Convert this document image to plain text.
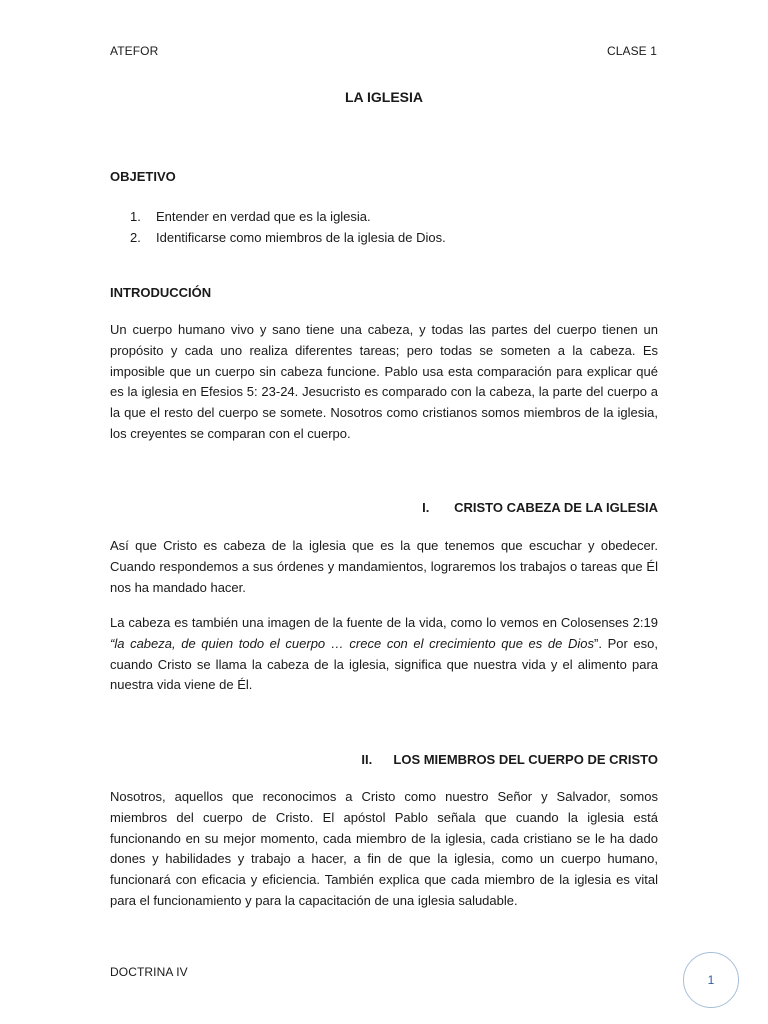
ATEFOR	CLASE 1
LA IGLESIA
OBJETIVO
1.	Entender en verdad que es la iglesia.
2.	Identificarse como miembros de la iglesia de Dios.
INTRODUCCIÓN

Un cuerpo humano vivo y sano tiene una cabeza, y todas las partes del cuerpo tienen un propósito y cada uno realiza diferentes tareas; pero todas se someten a la cabeza. Es imposible que un cuerpo sin cabeza funcione. Pablo usa esta comparación para explicar qué es la iglesia en Efesios 5: 23-24. Jesucristo es comparado con la cabeza, la parte del cuerpo a la que el resto del cuerpo se somete. Nosotros como cristianos somos miembros de la iglesia, los creyentes se comparan con el cuerpo.

I. CRISTO CABEZA DE LA IGLESIA

Así que Cristo es cabeza de la iglesia que es la que tenemos que escuchar y obedecer. Cuando respondemos a sus órdenes y mandamientos, lograremos los trabajos o tareas que Él nos ha mandado hacer.

La cabeza es también una imagen de la fuente de la vida, como lo vemos en Colosenses 2:19 “la cabeza, de quien todo el cuerpo … crece con el crecimiento que es de Dios”. Por eso, cuando Cristo se llama la cabeza de la iglesia, significa que nuestra vida y el alimento para nuestra vida viene de Él.

II. LOS MIEMBROS DEL CUERPO DE CRISTO

Nosotros, aquellos que reconocimos a Cristo como nuestro Señor y Salvador, somos miembros del cuerpo de Cristo. El apóstol Pablo señala que cuando la iglesia está funcionando en su mejor momento, cada miembro de la iglesia, cada cristiano se le ha dado dones y habilidades y trabajo a hacer, a fin de que la iglesia, como un cuerpo humano, funcionará con eficacia y eficiencia. También explica que cada miembro de la iglesia es vital para el funcionamiento y para la capacitación de una iglesia saludable.

DOCTRINA IV
1
